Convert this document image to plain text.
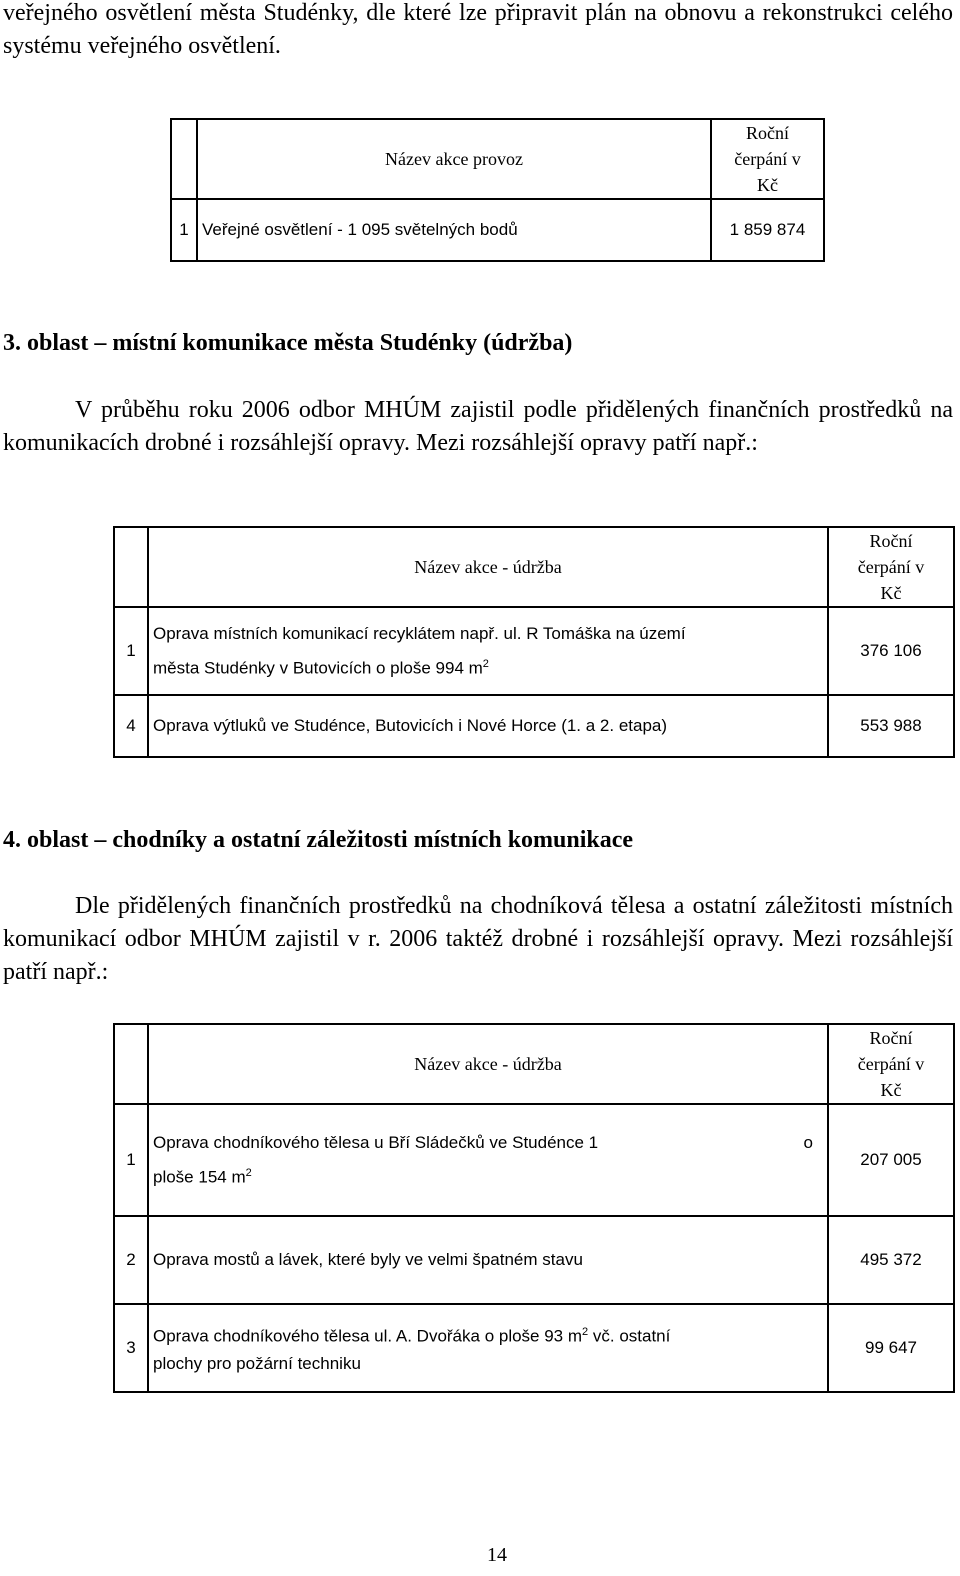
veřejného osvětlení města Studénky, dle které lze připravit plán na obnovu a rekonstrukci celého systému veřejného osvětlení.
	Název akce provoz	Roční
čerpání v
Kč

1	Veřejné osvětlení - 1 095 světelných bodů	1 859 874
3. oblast – místní komunikace města Studénky (údržba)
V průběhu roku 2006 odbor MHÚM zajistil podle přidělených finančních prostředků na komunikacích drobné i rozsáhlejší opravy. Mezi rozsáhlejší opravy patří např.:
	Název akce - údržba	Roční
čerpání v
Kč

1	Oprava místních komunikací recyklátem např. ul. R Tomáška na území
města Studénky v Butovicích o ploše 994 $m^2$	376 106
4	Oprava výtluků ve Studénce, Butovicích i Nové Horce (1. a 2. etapa)	553 988
4. oblast – chodníky a ostatní záležitosti místních komunikace
Dle přidělených finančních prostředků na chodníková tělesa a ostatní záležitosti místních komunikací odbor MHÚM zajistil v r. 2006 taktéž drobné i rozsáhlejší opravy. Mezi rozsáhlejší patří např.:
	Název akce - údržba	Roční
čerpání v
Kč

1	Oprava chodníkového tělesa u Bří Sládečků ve Studénce 1 o
ploše 154 $m^2$	207 005
2	Oprava mostů a lávek, které byly ve velmi špatném stavu	495 372
3	Oprava chodníkového tělesa ul. A. Dvořáka o ploše 93 $m^2$ vč. ostatní
plochy pro požární techniku	99 647
14
